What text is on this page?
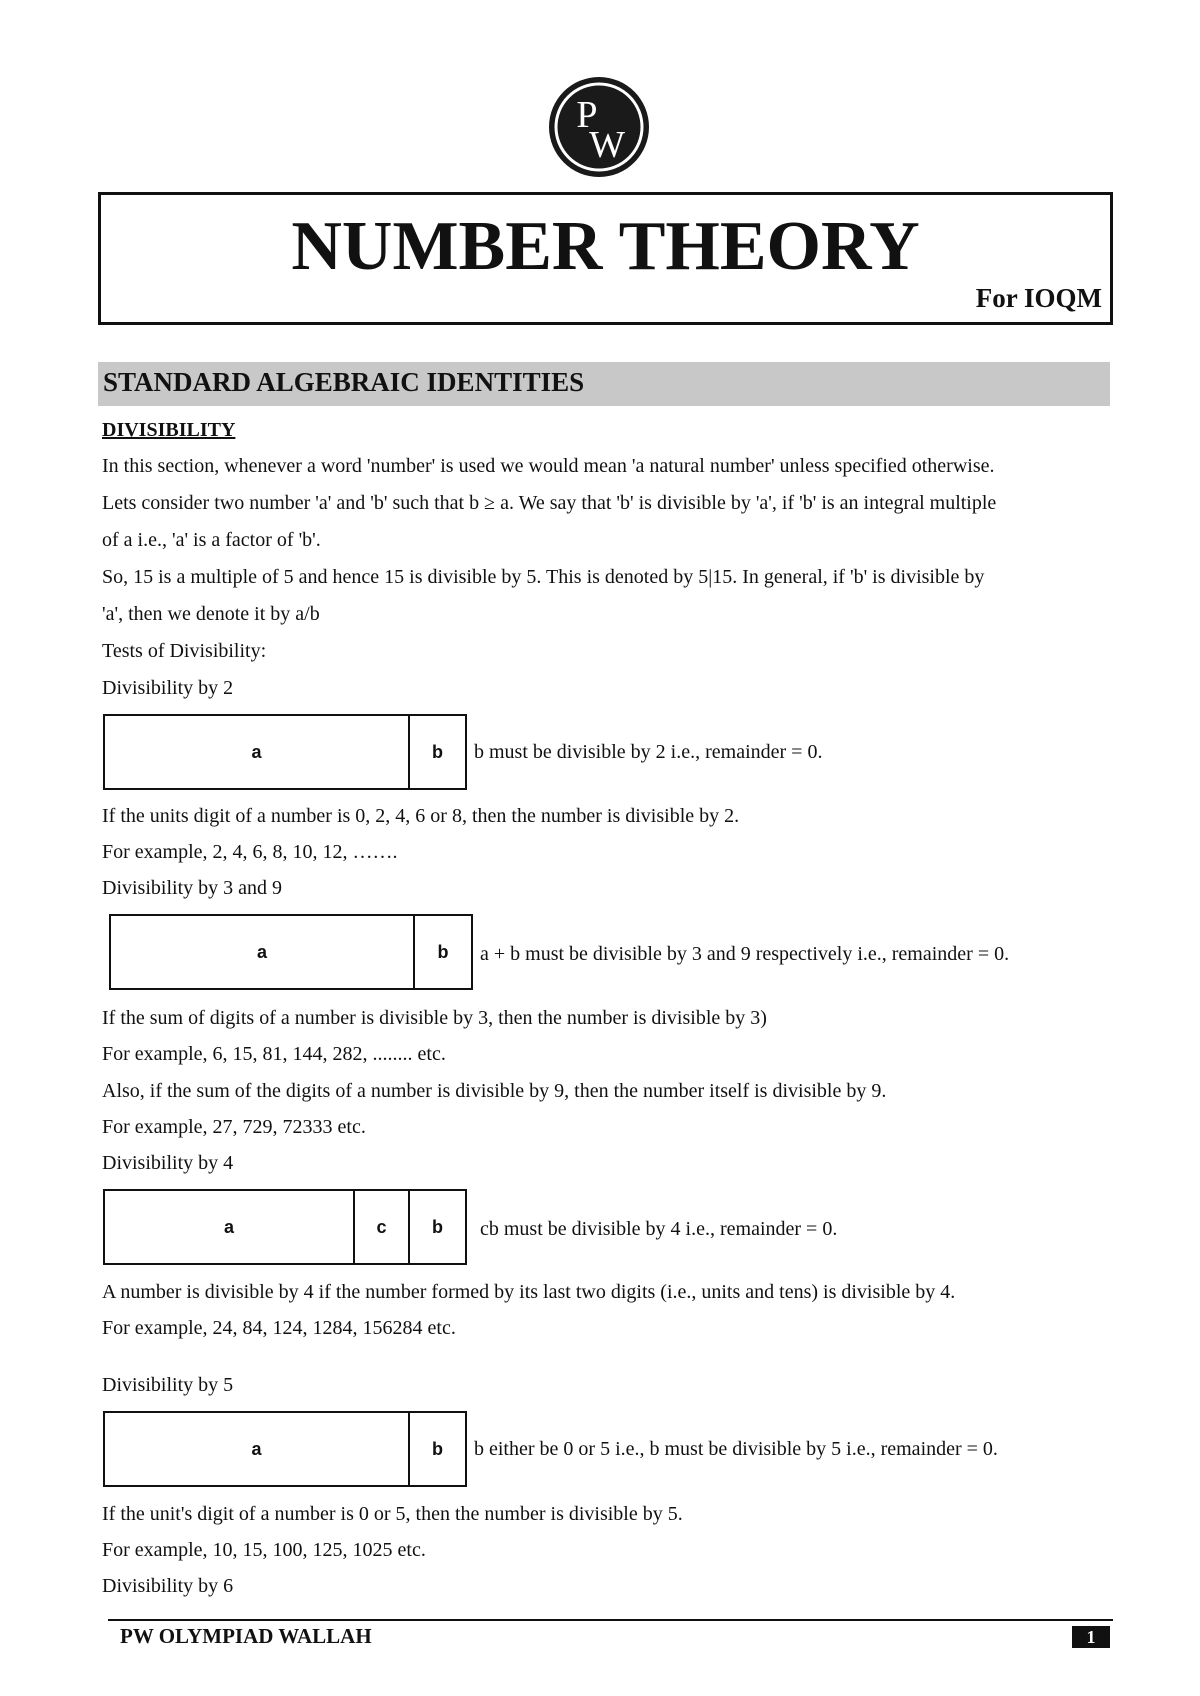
P
W
NUMBER THEORY
For IOQM
STANDARD ALGEBRAIC IDENTITIES
DIVISIBILITY
In this section, whenever a word 'number' is used we would mean 'a natural number' unless specified otherwise.
Lets consider two number 'a' and 'b' such that b ≥ a. We say that 'b' is divisible by 'a', if 'b' is an integral multiple
of a i.e., 'a' is a factor of 'b'.
So, 15 is a multiple of 5 and hence 15 is divisible by 5. This is denoted by 5|15. In general, if 'b' is divisible by
'a', then we denote it by a/b
Tests of Divisibility:
Divisibility by 2
a	b	b must be divisible by 2 i.e., remainder = 0.
If the units digit of a number is 0, 2, 4, 6 or 8, then the number is divisible by 2.
For example, 2, 4, 6, 8, 10, 12, …….
Divisibility by 3 and 9
a	b	a + b must be divisible by 3 and 9 respectively i.e., remainder = 0.
If the sum of digits of a number is divisible by 3, then the number is divisible by 3)
For example, 6, 15, 81, 144, 282, ........ etc.
Also, if the sum of the digits of a number is divisible by 9, then the number itself is divisible by 9.
For example, 27, 729, 72333 etc.
Divisibility by 4
a	c	b	cb must be divisible by 4 i.e., remainder = 0.
A number is divisible by 4 if the number formed by its last two digits (i.e., units and tens) is divisible by 4.
For example, 24, 84, 124, 1284, 156284 etc.
Divisibility by 5
a	b	b either be 0 or 5 i.e., b must be divisible by 5 i.e., remainder = 0.
If the unit's digit of a number is 0 or 5, then the number is divisible by 5.
For example, 10, 15, 100, 125, 1025 etc.
Divisibility by 6
PW OLYMPIAD WALLAH	1
